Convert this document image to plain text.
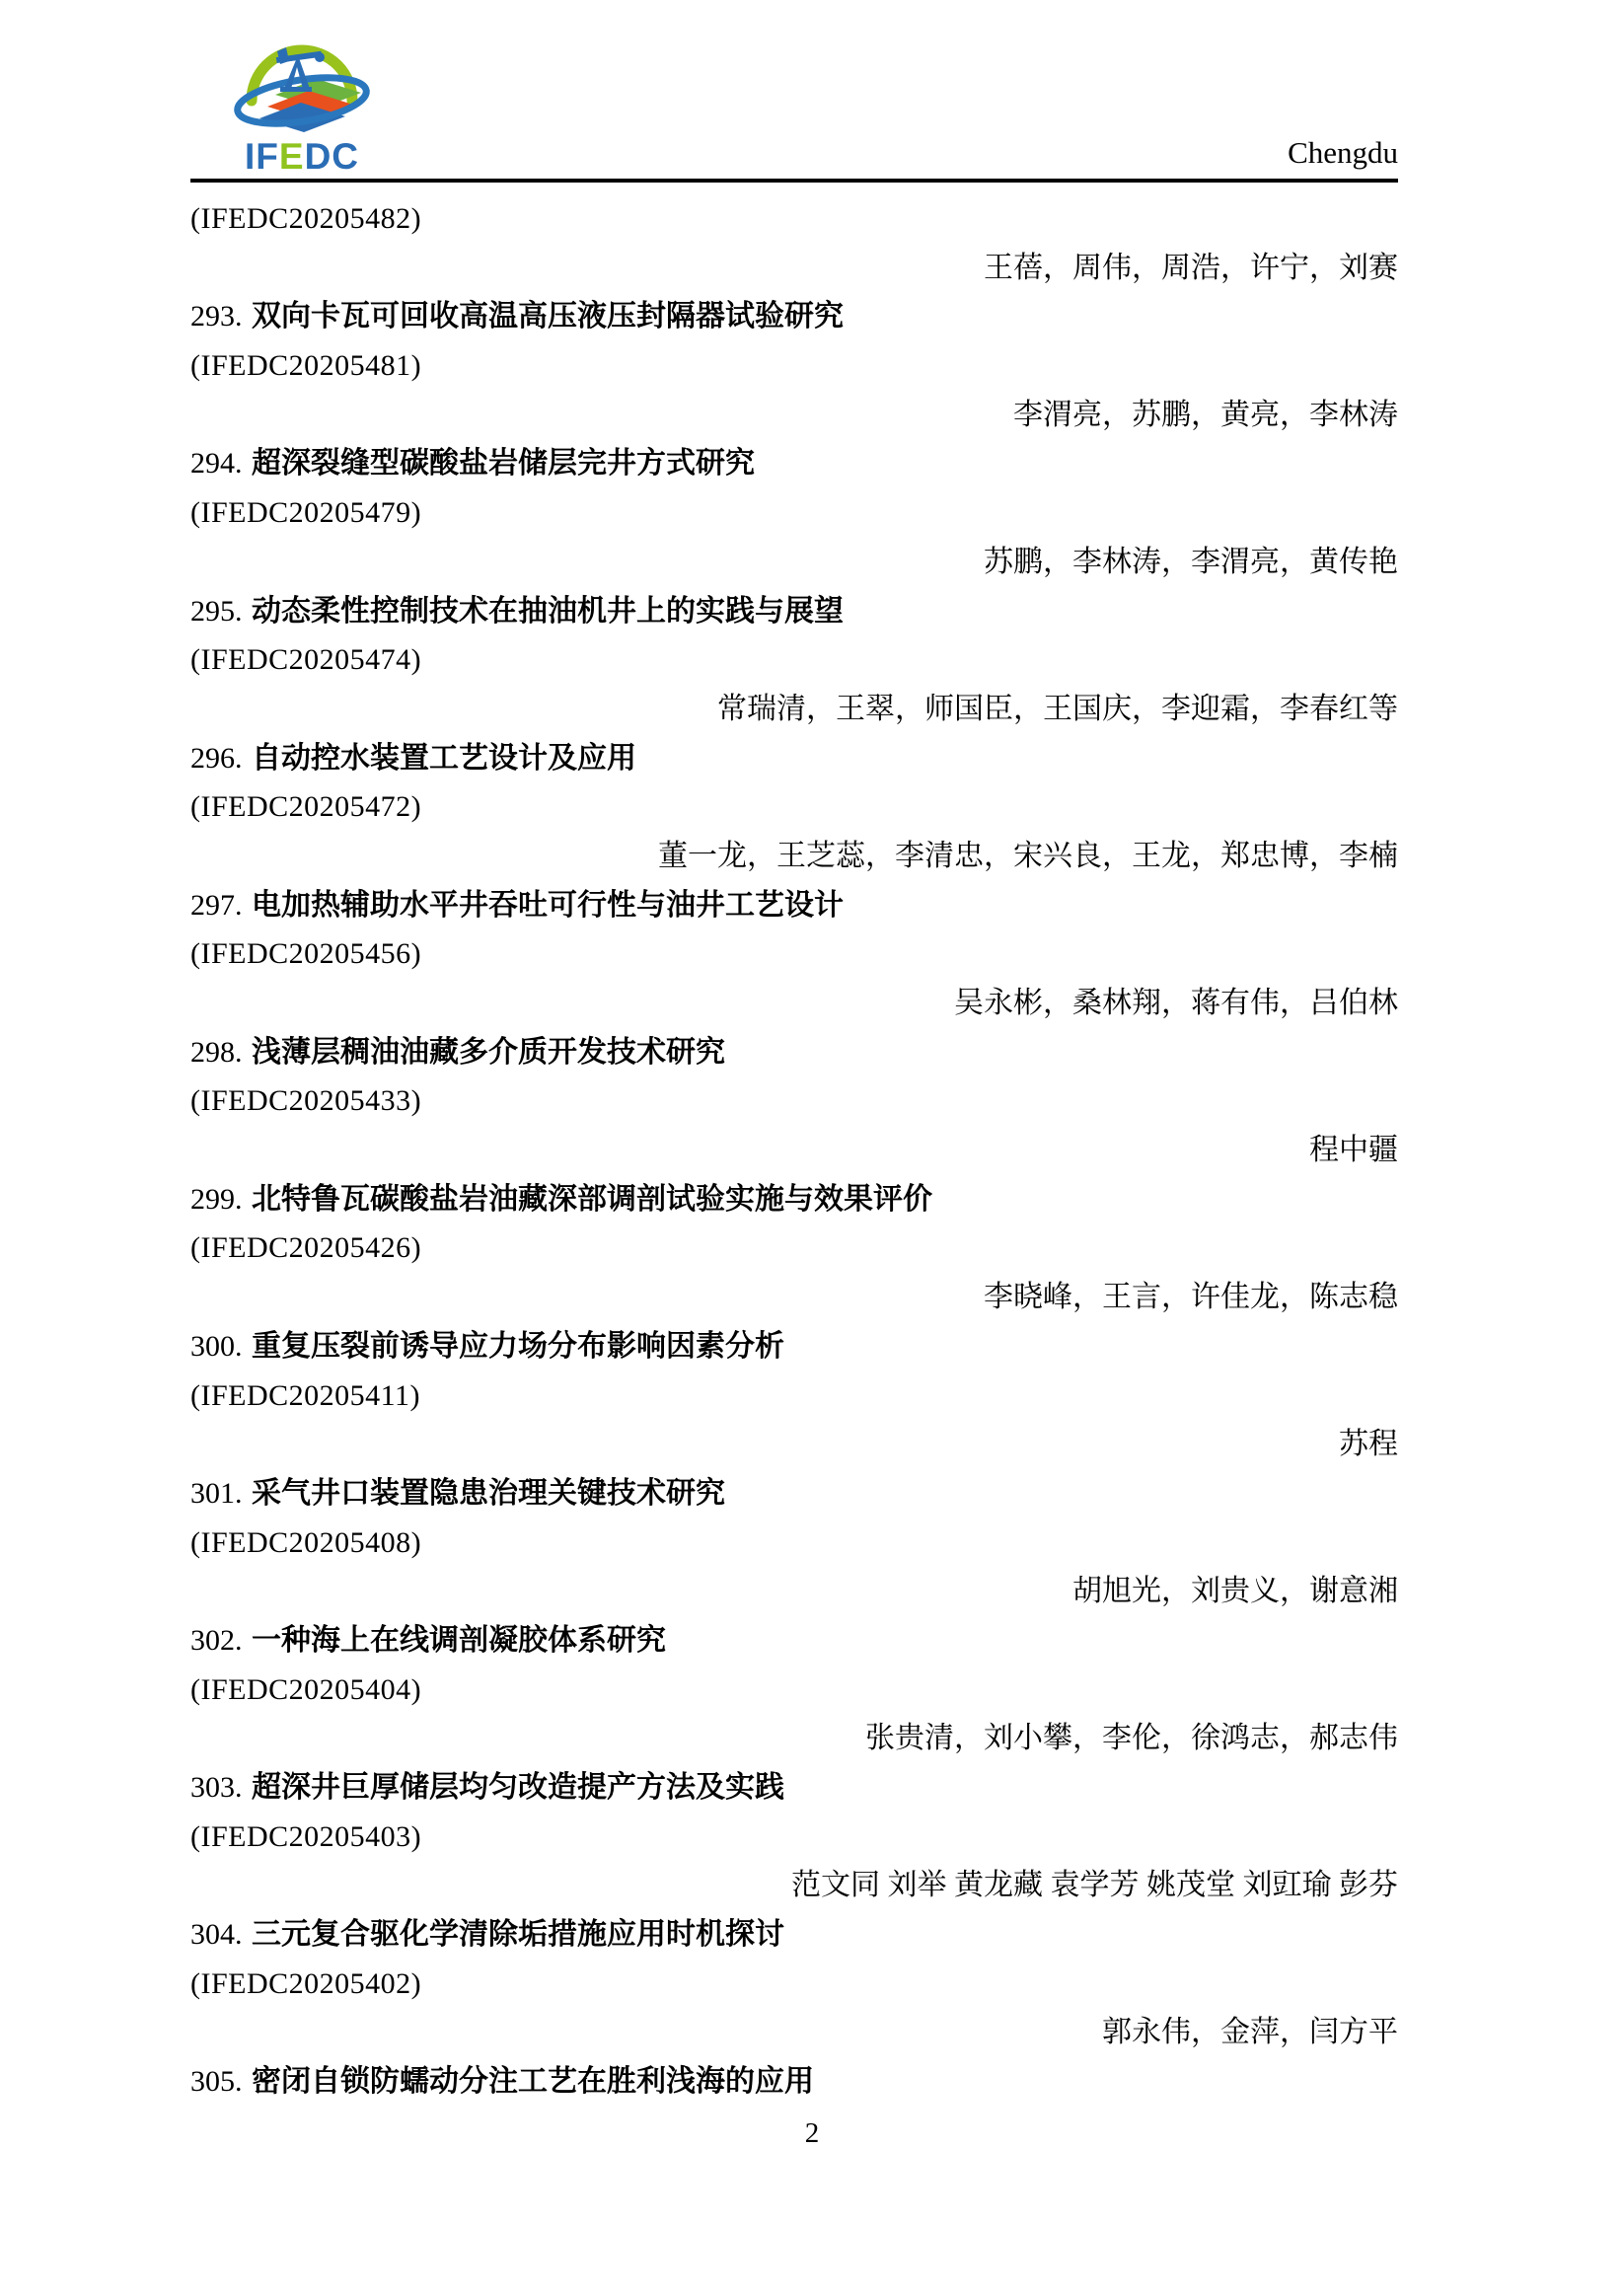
IFEDC	Chengdu
(IFEDC20205482)
王蓓，周伟，周浩，许宁，刘赛
293. 双向卡瓦可回收高温高压液压封隔器试验研究
(IFEDC20205481)
李渭亮，苏鹏，黄亮，李林涛
294. 超深裂缝型碳酸盐岩储层完井方式研究
(IFEDC20205479)
苏鹏，李林涛，李渭亮，黄传艳
295. 动态柔性控制技术在抽油机井上的实践与展望
(IFEDC20205474)
常瑞清，王翠，师国臣，王国庆，李迎霜，李春红等
296. 自动控水装置工艺设计及应用
(IFEDC20205472)
董一龙，王芝蕊，李清忠，宋兴良，王龙，郑忠博，李楠
297. 电加热辅助水平井吞吐可行性与油井工艺设计
(IFEDC20205456)
吴永彬，桑林翔，蒋有伟，吕伯林
298. 浅薄层稠油油藏多介质开发技术研究
(IFEDC20205433)
程中疆
299. 北特鲁瓦碳酸盐岩油藏深部调剖试验实施与效果评价
(IFEDC20205426)
李晓峰，王言，许佳龙，陈志稳
300. 重复压裂前诱导应力场分布影响因素分析
(IFEDC20205411)
苏程
301. 采气井口装置隐患治理关键技术研究
(IFEDC20205408)
胡旭光，刘贵义，谢意湘
302. 一种海上在线调剖凝胶体系研究
(IFEDC20205404)
张贵清，刘小攀，李伦，徐鸿志，郝志伟
303. 超深井巨厚储层均匀改造提产方法及实践
(IFEDC20205403)
范文同 刘举 黄龙藏 袁学芳 姚茂堂 刘豇瑜 彭芬
304. 三元复合驱化学清除垢措施应用时机探讨
(IFEDC20205402)
郭永伟，金萍，闫方平
305. 密闭自锁防蠕动分注工艺在胜利浅海的应用
2
